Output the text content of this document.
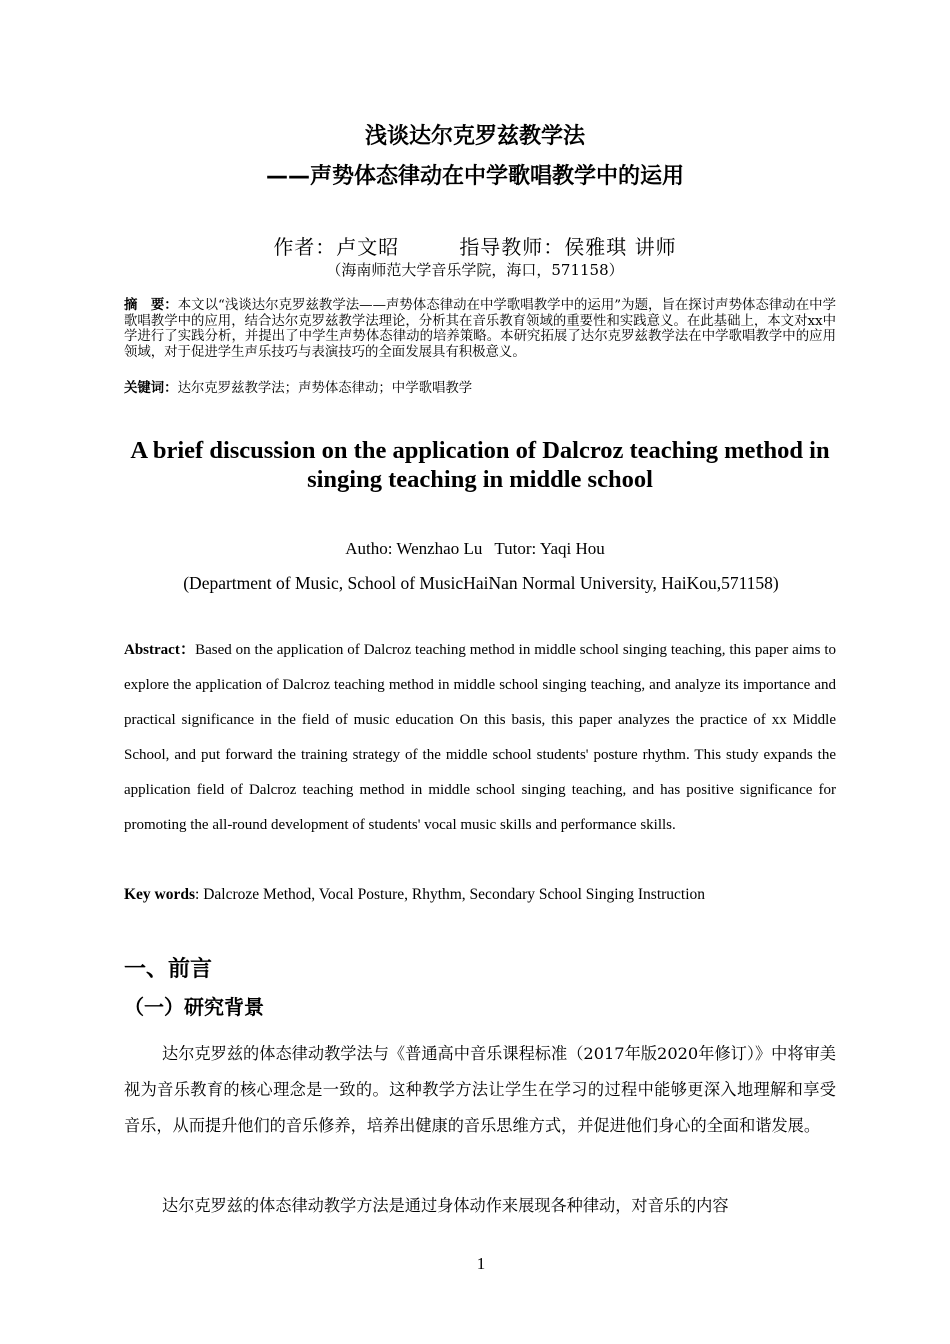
浅谈达尔克罗兹教学法
——声势体态律动在中学歌唱教学中的运用
作者：卢文昭	指导教师：侯雅琪 讲师
（海南师范大学音乐学院，海口，571158）
摘　要：本文以“浅谈达尔克罗兹教学法——声势体态律动在中学歌唱教学中的运用”为题，旨在探讨声势体态律动在中学歌唱教学中的应用，结合达尔克罗兹教学法理论，分析其在音乐教育领域的重要性和实践意义。在此基础上，本文对xx中学进行了实践分析，并提出了中学生声势体态律动的培养策略。本研究拓展了达尔克罗兹教学法在中学歌唱教学中的应用领域，对于促进学生声乐技巧与表演技巧的全面发展具有积极意义。
关键词：达尔克罗兹教学法；声势体态律动；中学歌唱教学
A brief discussion on the application of Dalcroz teaching method in singing teaching in middle school
Autho: Wenzhao Lu Tutor: Yaqi Hou
(Department of Music, School of MusicHaiNan Normal University, HaiKou,571158)
Abstract：Based on the application of Dalcroz teaching method in middle school singing teaching, this paper aims to explore the application of Dalcroz teaching method in middle school singing teaching, and analyze its importance and practical significance in the field of music education On this basis, this paper analyzes the practice of xx Middle School, and put forward the training strategy of the middle school students' posture rhythm. This study expands the application field of Dalcroz teaching method in middle school singing teaching, and has positive significance for promoting the all-round development of students' vocal music skills and performance skills.
Key words: Dalcroze Method, Vocal Posture, Rhythm, Secondary School Singing Instruction
一、前言
（一）研究背景
达尔克罗兹的体态律动教学法与《普通高中音乐课程标准（2017年版2020年修订）》中将审美视为音乐教育的核心理念是一致的。这种教学方法让学生在学习的过程中能够更深入地理解和享受音乐，从而提升他们的音乐修养，培养出健康的音乐思维方式，并促进他们身心的全面和谐发展。
达尔克罗兹的体态律动教学方法是通过身体动作来展现各种律动，对音乐的内容
1
